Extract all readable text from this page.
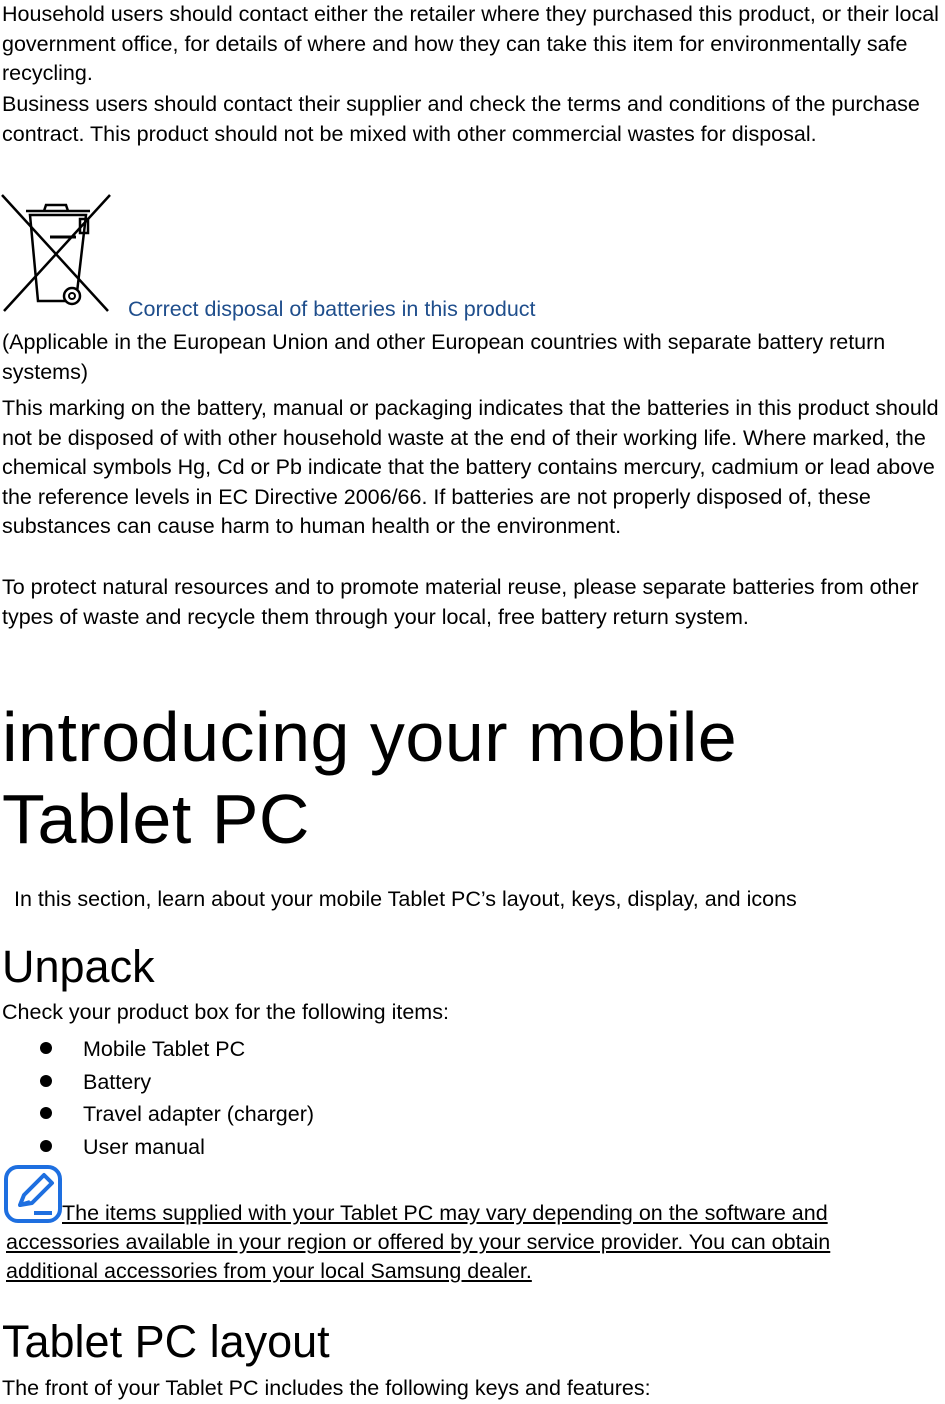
Household users should contact either the retailer where they purchased this product, or their local government office, for details of where and how they can take this item for environmentally safe recycling.

Business users should contact their supplier and check the terms and conditions of the purchase contract. This product should not be mixed with other commercial wastes for disposal.

Correct disposal of batteries in this product

(Applicable in the European Union and other European countries with separate battery return systems)

This marking on the battery, manual or packaging indicates that the batteries in this product should not be disposed of with other household waste at the end of their working life. Where marked, the chemical symbols Hg, Cd or Pb indicate that the battery contains mercury, cadmium or lead above the reference levels in EC Directive 2006/66. If batteries are not properly disposed of, these substances can cause harm to human health or the environment.

To protect natural resources and to promote material reuse, please separate batteries from other types of waste and recycle them through your local, free battery return system.

introducing your mobile
Tablet PC

In this section, learn about your mobile Tablet PC’s layout, keys, display, and icons

Unpack

Check your product box for the following items:

Mobile Tablet PC
Battery
Travel adapter (charger)
User manual

The items supplied with your Tablet PC may vary depending on the software and accessories available in your region or offered by your service provider. You can obtain additional accessories from your local Samsung dealer.

Tablet PC layout

The front of your Tablet PC includes the following keys and features:
